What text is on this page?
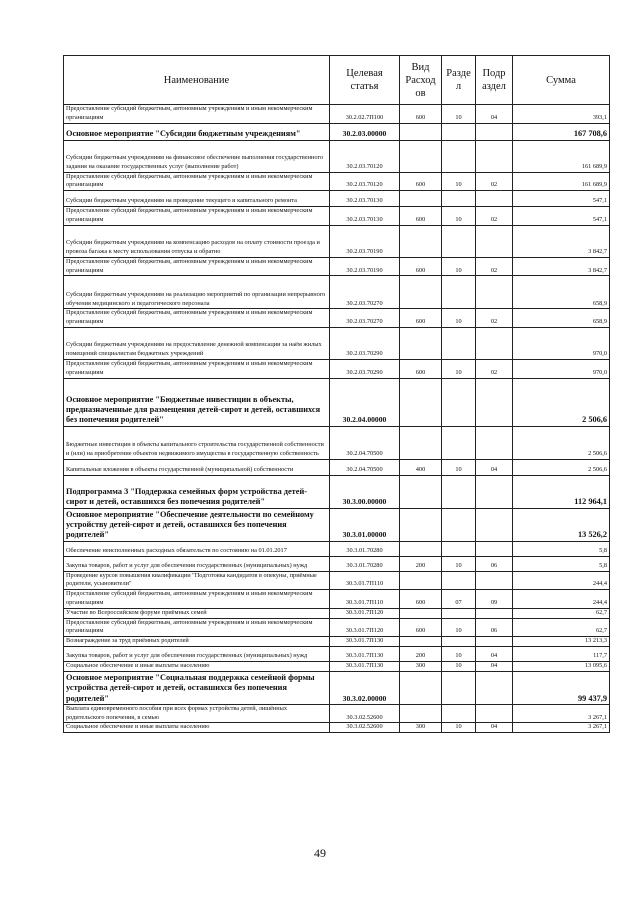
Наименование	Целевая статья	Вид Расход ов	Разде л	Подр аздел	Сумма
Предоставление субсидий бюджетным, автономным учреждениям и иным некоммерческим организациям	30.2.02.7П100	600	10	04	393,1
Основное мероприятие "Субсидии бюджетным учреждениям"	30.2.03.00000				167 708,6
Субсидии бюджетным учреждениям на финансовое обеспечение выполнения государственного задания на оказание государственных услуг (выполнение работ)	30.2.03.70120				161 689,9
Предоставление субсидий бюджетным, автономным учреждениям и иным некоммерческим организациям	30.2.03.70120	600	10	02	161 689,9
Субсидии бюджетным учреждениям на проведение текущего и капитального ремонта	30.2.03.70130				547,1
Предоставление субсидий бюджетным, автономным учреждениям и иным некоммерческим организациям	30.2.03.70130	600	10	02	547,1
Субсидии бюджетным учреждениям на компенсацию расходов на оплату стоимости проезда и провоза багажа к месту использования отпуска и обратно	30.2.03.70190				3 842,7
Предоставление субсидий бюджетным, автономным учреждениям и иным некоммерческим организациям	30.2.03.70190	600	10	02	3 842,7
Субсидии бюджетным учреждениям на реализацию мероприятий по организации непрерывного обучения медицинского и педагогического персонала	30.2.03.70270				658,9
Предоставление субсидий бюджетным, автономным учреждениям и иным некоммерческим организациям	30.2.03.70270	600	10	02	658,9
Субсидии бюджетным учреждениям на предоставление денежной компенсации за наём жилых помещений специалистам бюджетных учреждений	30.2.03.70290				970,0
Предоставление субсидий бюджетным, автономным учреждениям и иным некоммерческим организациям	30.2.03.70290	600	10	02	970,0
Основное мероприятие "Бюджетные инвестиции в объекты, предназначенные для размещения детей-сирот и детей, оставшихся без попечения родителей"	30.2.04.00000				2 506,6
Бюджетные инвестиции в объекты капитального строительства государственной собственности и (или) на приобретение объектов недвижимого имущества в государственную собственность	30.2.04.70500				2 506,6
Капитальные вложения в объекты государственной (муниципальной) собственности	30.2.04.70500	400	10	04	2 506,6
Подпрограмма 3 "Поддержка семейных форм устройства детей-сирот и детей, оставшихся без попечения родителей"	30.3.00.00000				112 964,1
Основное мероприятие "Обеспечение деятельности по семейному устройству детей-сирот и детей, оставшихся без попечения родителей"	30.3.01.00000				13 526,2
Обеспечение неисполненных расходных обязательств по состоянию на 01.01.2017	30.3.01.70280				5,8
Закупка товаров, работ и услуг для обеспечения государственных (муниципальных) нужд	30.3.01.70280	200	10	06	5,8
Проведение курсов повышения квалификации "Подготовка кандидатов в опекуны, приёмные родители, усыновители"	30.3.01.7П110				244,4
Предоставление субсидий бюджетным, автономным учреждениям и иным некоммерческим организациям	30.3.01.7П110	600	07	09	244,4
Участие во Всероссийском форуме приёмных семей	30.3.01.7П120				62,7
Предоставление субсидий бюджетным, автономным учреждениям и иным некоммерческим организациям	30.3.01.7П120	600	10	06	62,7
Вознаграждение за труд приёмных родителей	30.3.01.7П130				13 213,3
Закупка товаров, работ и услуг для обеспечения государственных (муниципальных) нужд	30.3.01.7П130	200	10	04	117,7
Социальное обеспечение и иные выплаты населению	30.3.01.7П130	300	10	04	13 095,6
Основное мероприятие "Социальная поддержка семейной формы устройства детей-сирот и детей, оставшихся без попечения родителей"	30.3.02.00000				99 437,9
Выплата единовременного пособия при всех формах устройства детей, лишённых родительского попечения, в семью	30.3.02.52600				3 267,1
Социальное обеспечение и иные выплаты населению	30.3.02.52600	300	10	04	3 267,1
49
